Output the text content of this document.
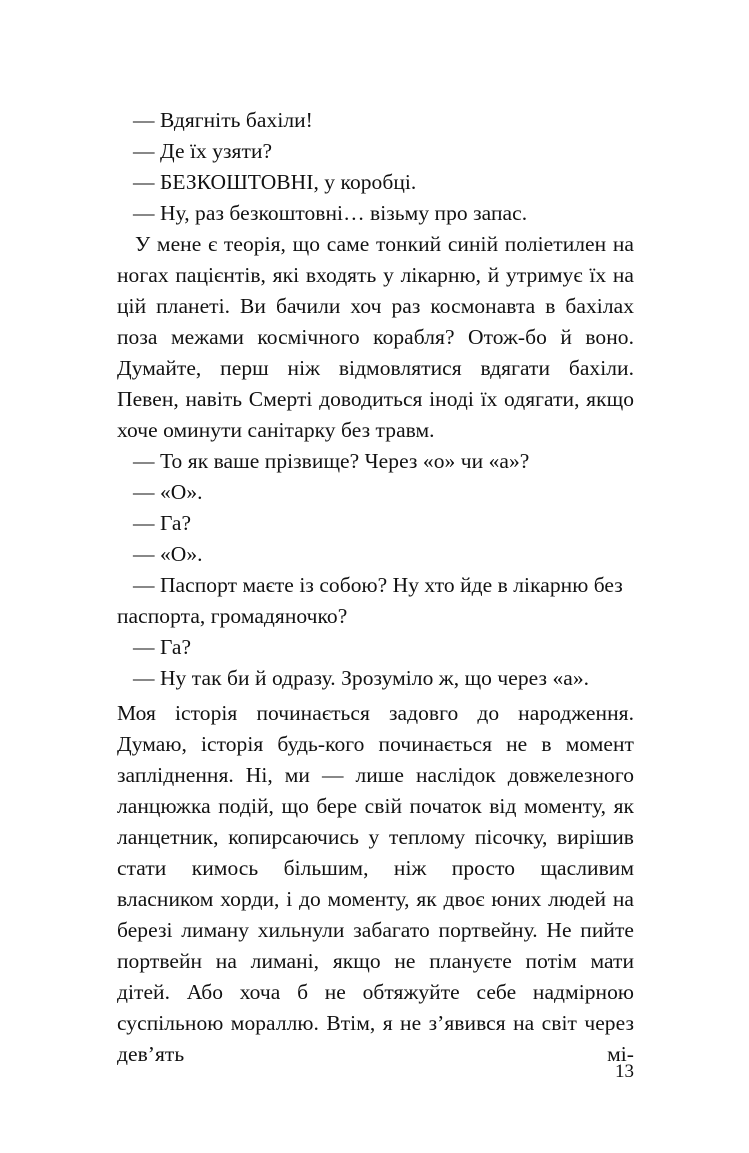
— Вдягніть бахіли!

— Де їх узяти?

— БЕЗКОШТОВНІ, у коробці.

— Ну, раз безкоштовні… візьму про запас.

У мене є теорія, що саме тонкий синій поліетилен на ногах пацієнтів, які входять у лікарню, й утримує їх на цій планеті. Ви бачили хоч раз космонавта в бахілах поза межами космічного корабля? Отож-бо й воно. Думайте, перш ніж відмовлятися вдягати бахіли. Певен, навіть Смерті доводиться іноді їх одягати, якщо хоче оминути санітарку без травм.

— То як ваше прізвище? Через «о» чи «а»?

— «О».

— Га?

— «О».

— Паспорт маєте із собою? Ну хто йде в лікарню без паспорта, громадяночко?

— Га?

— Ну так би й одразу. Зрозуміло ж, що через «а».

Моя історія починається задовго до народження. Думаю, історія будь-кого починається не в момент запліднення. Ні, ми — лише наслідок довжелезного ланцюжка подій, що бере свій початок від моменту, як ланцетник, копирсаючись у теплому пісочку, вирішив стати кимось більшим, ніж просто щасливим власником хорди, і до моменту, як двоє юних людей на березі лиману хильнули забагато портвейну. Не пийте портвейн на лимані, якщо не плануєте потім мати дітей. Або хоча б не обтяжуйте себе надмірною суспільною мораллю. Втім, я не з’явився на світ через дев’ять мі-

13
